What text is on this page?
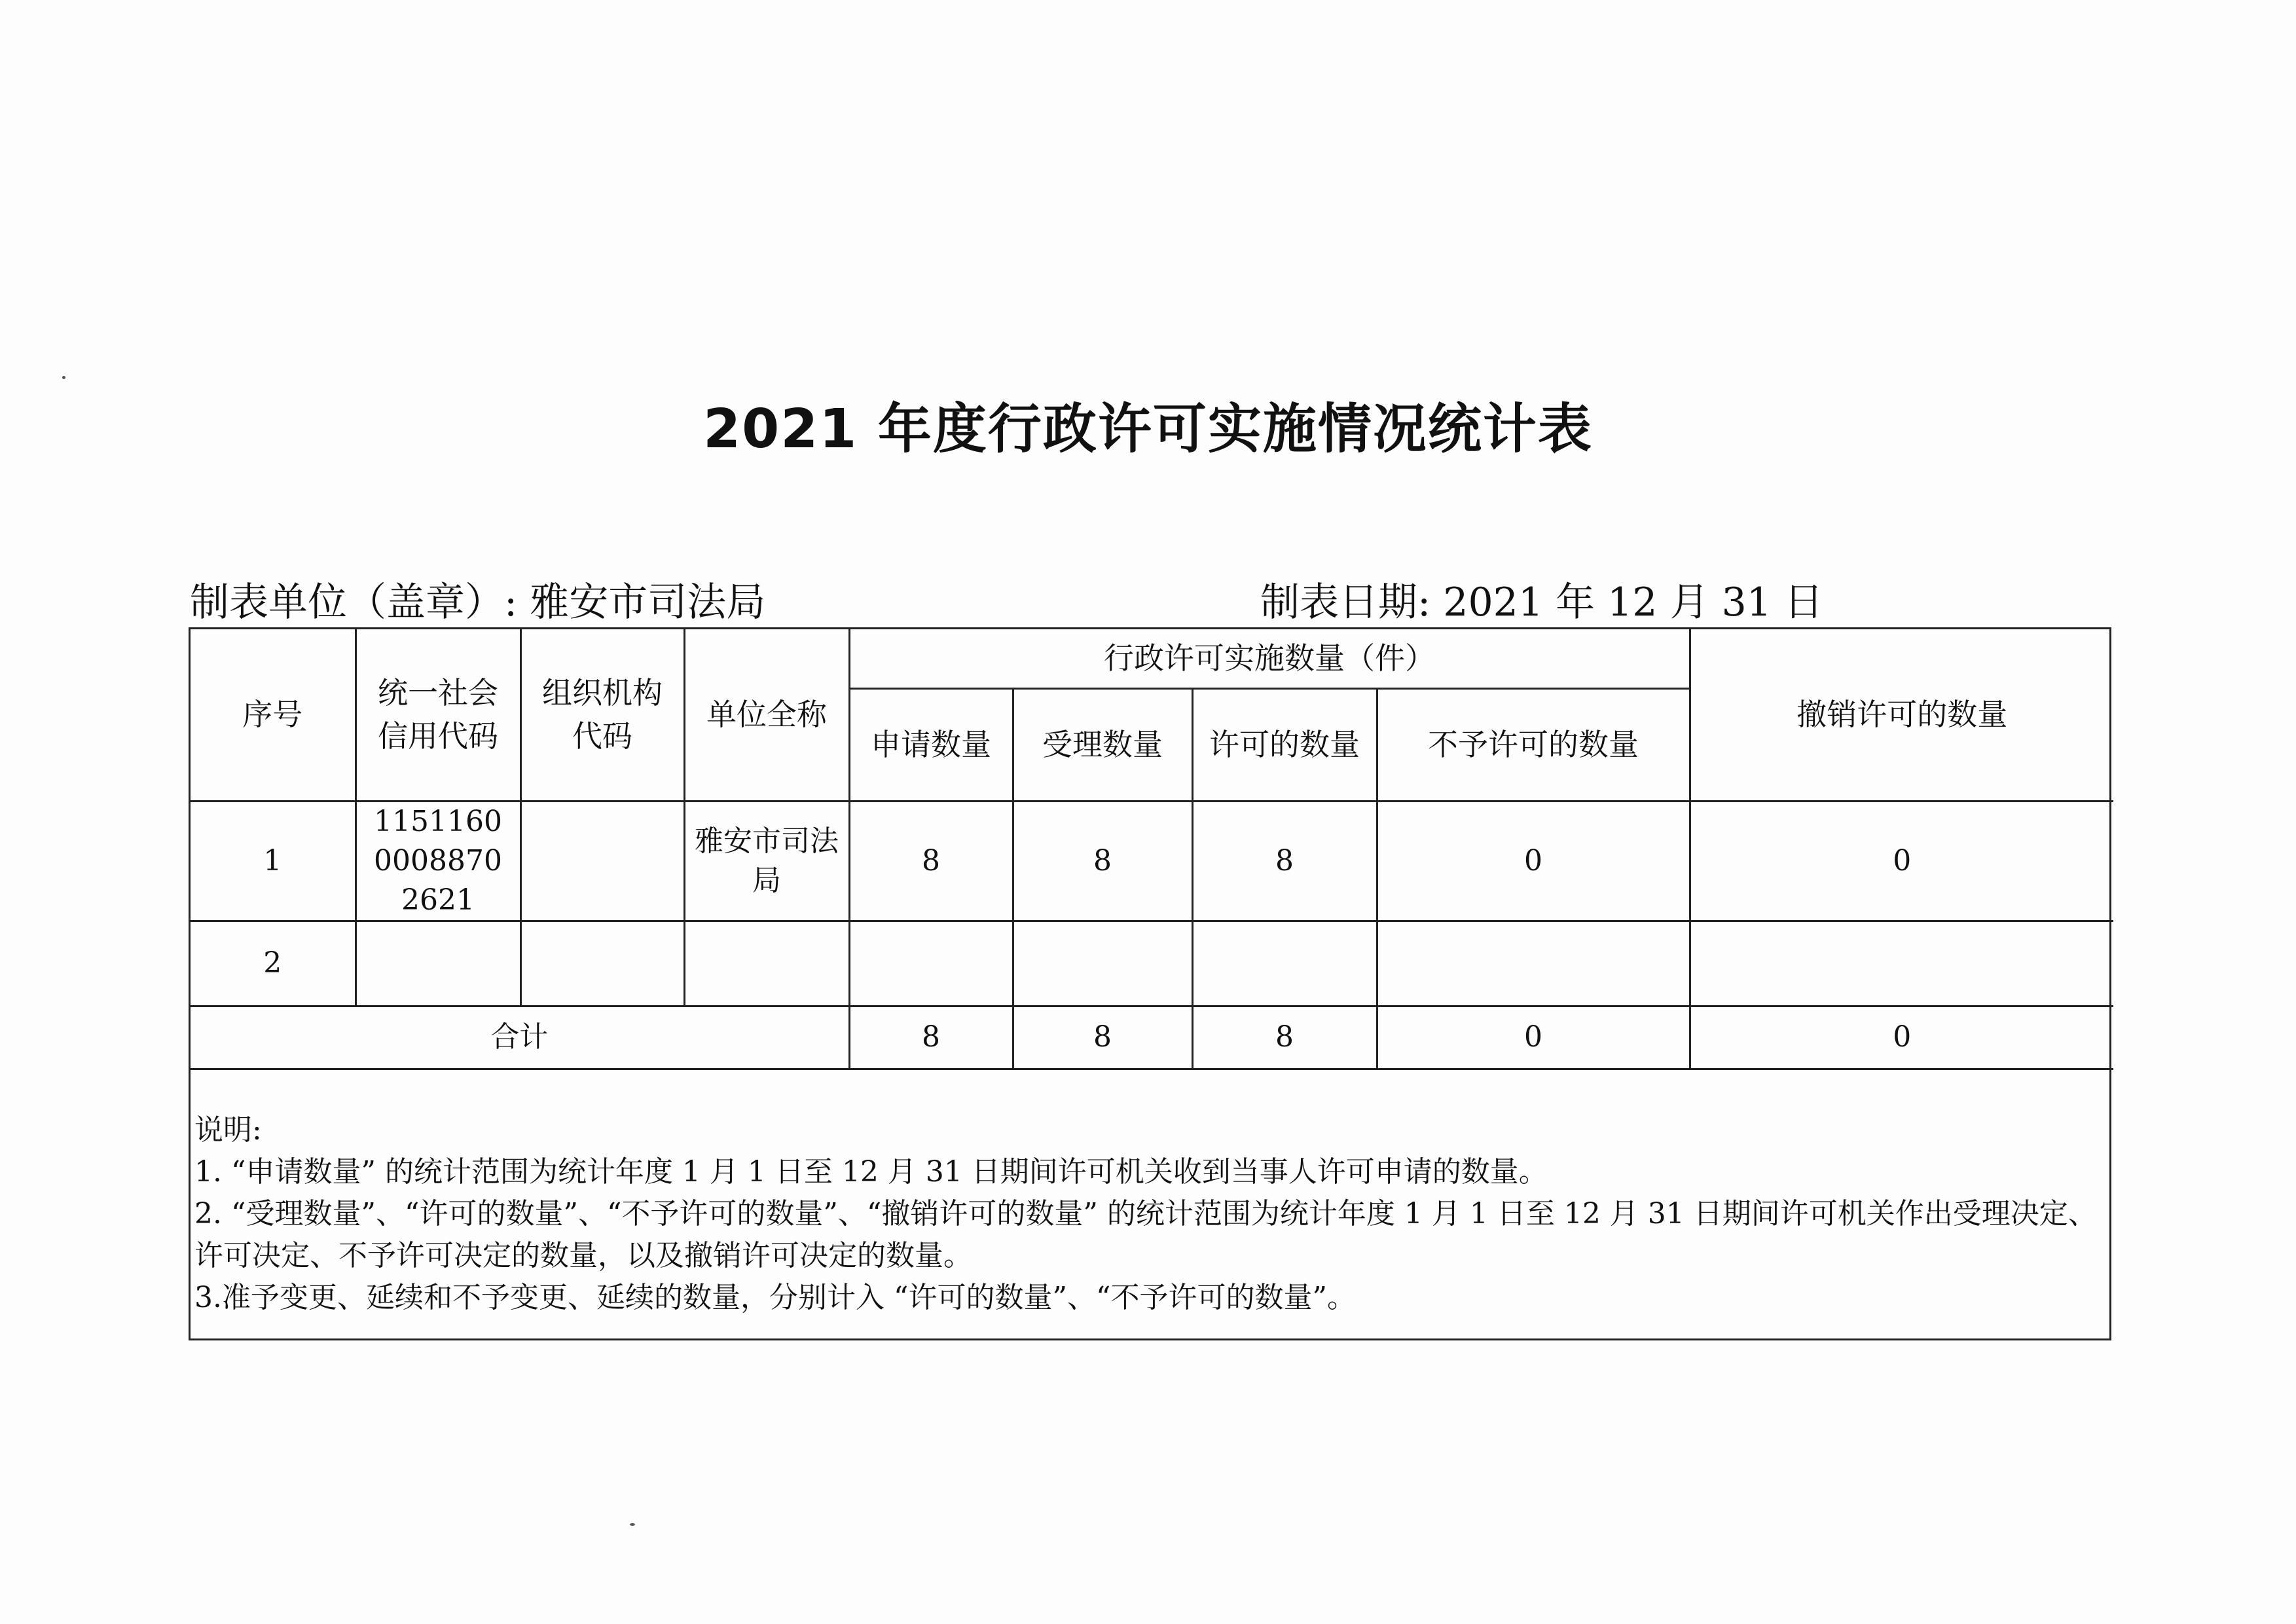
2021 年度行政许可实施情况统计表
制表单位（盖章）: 雅安市司法局	制表日期: 2021 年 12 月 31 日
序号	统一社会信用代码	组织机构代码	单位全称	行政许可实施数量（件）				撤销许可的数量
				申请数量	受理数量	许可的数量	不予许可的数量	
1	115116000088702621		雅安市司法局	8	8	8	0	0
2								
合计				8	8	8	0	0

说明:

1. “申请数量” 的统计范围为统计年度 1 月 1 日至 12 月 31 日期间许可机关收到当事人许可申请的数量。

2. “受理数量”、“许可的数量”、“不予许可的数量”、“撤销许可的数量” 的统计范围为统计年度 1 月 1 日至 12 月 31 日期间许可机关作出受理决定、许可决定、不予许可决定的数量，以及撤销许可决定的数量。

3.准予变更、延续和不予变更、延续的数量，分别计入 “许可的数量”、“不予许可的数量”。
